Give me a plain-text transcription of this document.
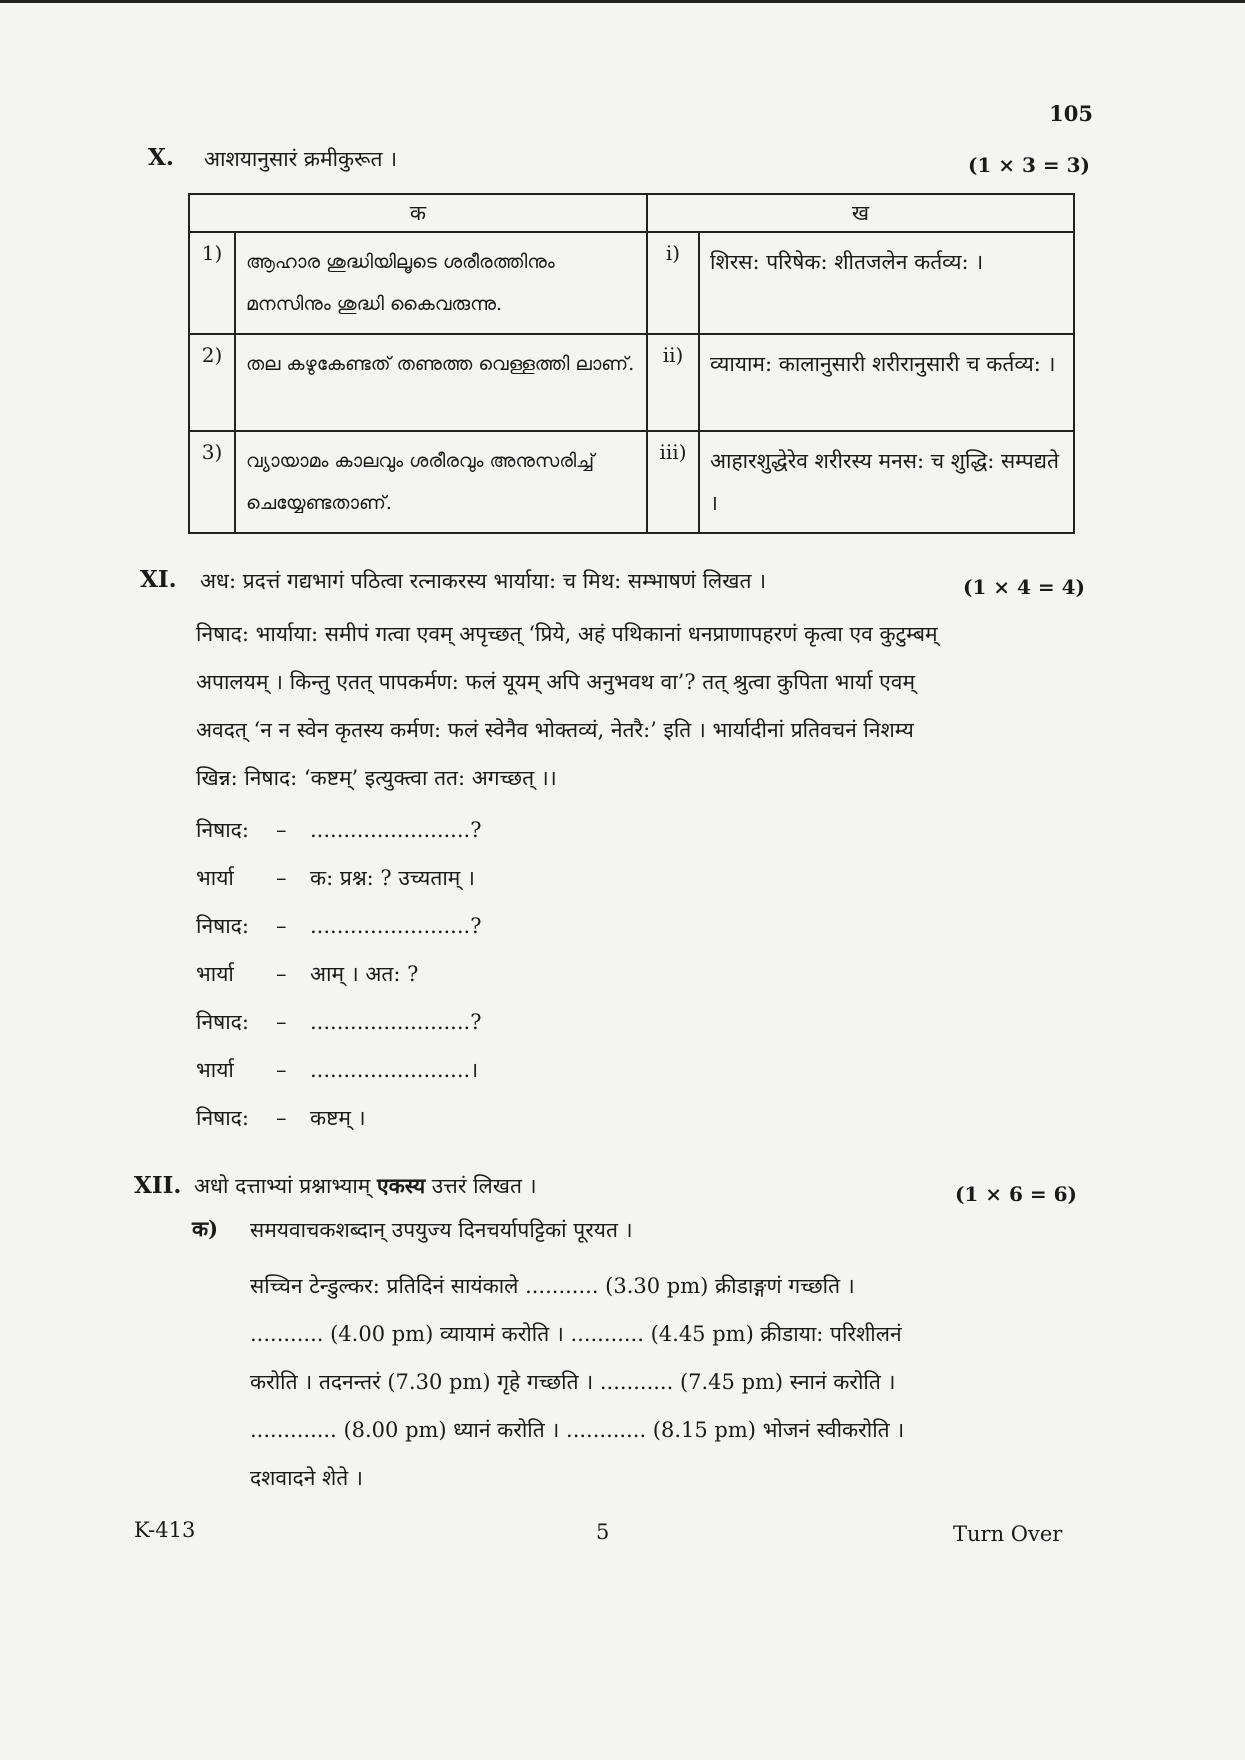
105
X. आशयानुसारं क्रमीकुरूत ।	(1 × 3 = 3)
क		ख	
1)	ആഹാര ശുദ്ധിയിലൂടെ ശരീരത്തിനും മനസിനും ശുദ്ധി കൈവരുന്നു.	i)	शिरस: परिषेक: शीतजलेन कर्तव्य: ।
2)	തല കഴുകേണ്ടത് തണുത്ത വെള്ളത്തി ലാണ്.	ii)	व्यायाम: कालानुसारी शरीरानुसारी च कर्तव्य: ।
3)	വ്യായാമം കാലവും ശരീരവും അനുസരിച്ച് ചെയ്യേണ്ടതാണ്.	iii)	आहारशुद्धेरेव शरीरस्य मनस: च शुद्धि: सम्पद्यते ।
XI. अध: प्रदत्तं गद्यभागं पठित्वा रत्नाकरस्य भार्याया: च मिथ: सम्भाषणं लिखत ।	(1 × 4 = 4)
निषाद: भार्याया: समीपं गत्वा एवम् अपृच्छत् ‘प्रिये, अहं पथिकानां धनप्राणापहरणं कृत्वा एव कुटुम्बम्
अपालयम् । किन्तु एतत् पापकर्मण: फलं यूयम् अपि अनुभवथ वा’? तत् श्रुत्वा कुपिता भार्या एवम्
अवदत् ‘न न स्वेन कृतस्य कर्मण: फलं स्वेनैव भोक्तव्यं, नेतरै:’ इति । भार्यादीनां प्रतिवचनं निशम्य
खिन्न: निषाद: ‘कष्टम्’ इत्युक्त्वा तत: अगच्छत् ।।
निषाद: – ........................?
भार्या – क: प्रश्न: ? उच्यताम् ।
निषाद: – ........................?
भार्या – आम् । अत: ?
निषाद: – ........................?
भार्या – ........................।
निषाद: – कष्टम् ।
XII. अधो दत्ताभ्यां प्रश्नाभ्याम् एकस्य उत्तरं लिखत ।	(1 × 6 = 6)
क) समयवाचकशब्दान् उपयुज्य दिनचर्यापट्टिकां पूरयत ।
सच्चिन टेन्डुल्कर: प्रतिदिनं सायंकाले ........... (3.30 pm) क्रीडाङ्गणं गच्छति ।
........... (4.00 pm) व्यायामं करोति । ........... (4.45 pm) क्रीडाया: परिशीलनं
करोति । तदनन्तरं (7.30 pm) गृहे गच्छति । ........... (7.45 pm) स्नानं करोति ।
............. (8.00 pm) ध्यानं करोति । ............ (8.15 pm) भोजनं स्वीकरोति ।
दशवादने शेते ।
K-413	5	Turn Over
